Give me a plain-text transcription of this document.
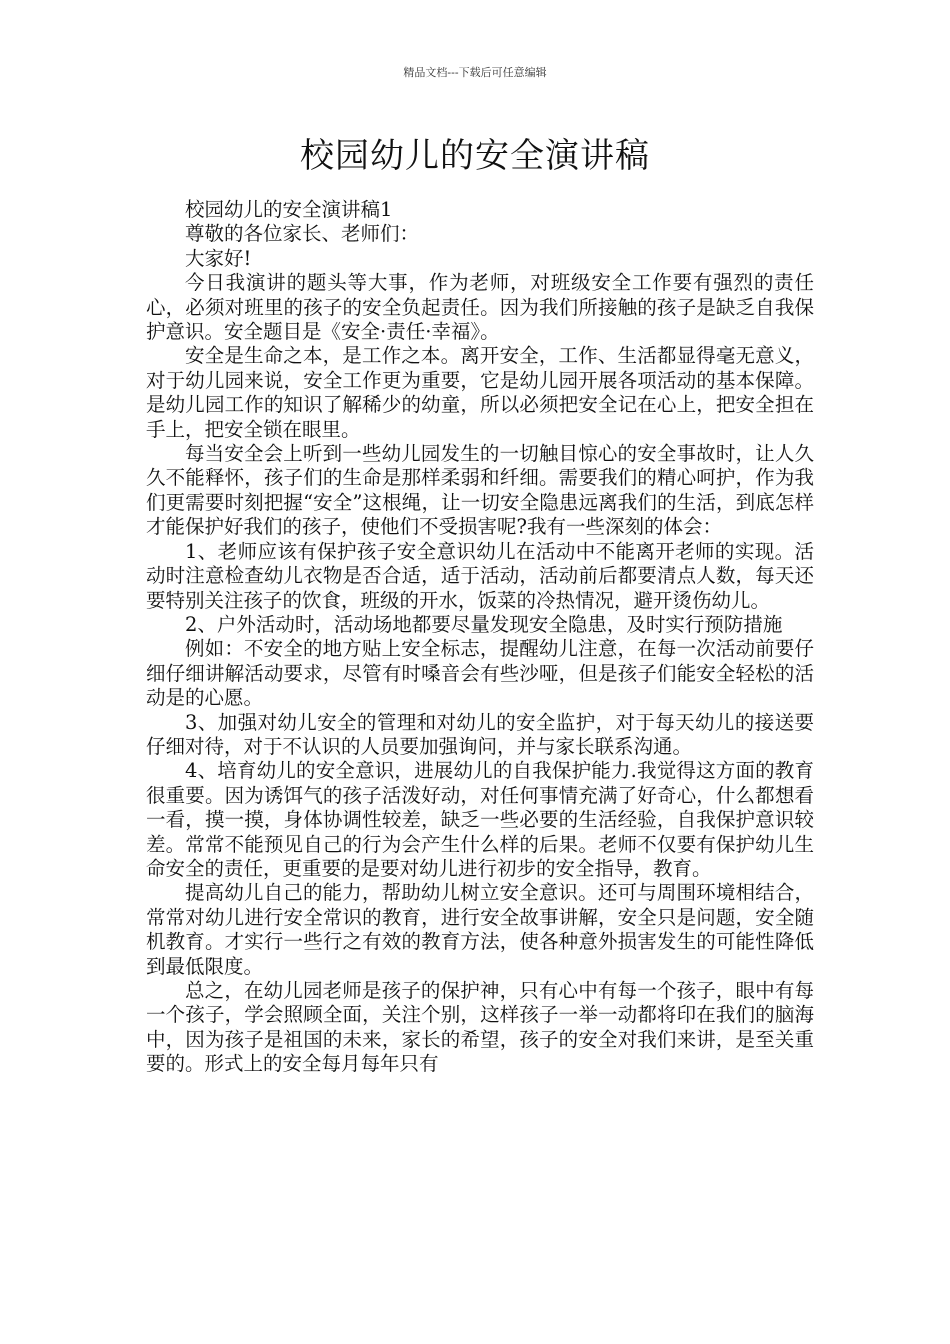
精品文档---下载后可任意编辑
校园幼儿的安全演讲稿

校园幼儿的安全演讲稿1

尊敬的各位家长、老师们：

大家好!

今日我演讲的题头等大事，作为老师，对班级安全工作要有强烈的责任心，必须对班里的孩子的安全负起责任。因为我们所接触的孩子是缺乏自我保护意识。安全题目是《安全·责任·幸福》。

安全是生命之本，是工作之本。离开安全，工作、生活都显得毫无意义，对于幼儿园来说，安全工作更为重要，它是幼儿园开展各项活动的基本保障。是幼儿园工作的知识了解稀少的幼童，所以必须把安全记在心上，把安全担在手上，把安全锁在眼里。

每当安全会上听到一些幼儿园发生的一切触目惊心的安全事故时，让人久久不能释怀，孩子们的生命是那样柔弱和纤细。需要我们的精心呵护，作为我们更需要时刻把握“安全”这根绳，让一切安全隐患远离我们的生活，到底怎样才能保护好我们的孩子，使他们不受损害呢?我有一些深刻的体会：

1、老师应该有保护孩子安全意识幼儿在活动中不能离开老师的实现。活动时注意检查幼儿衣物是否合适，适于活动，活动前后都要清点人数，每天还要特别关注孩子的饮食，班级的开水，饭菜的冷热情况，避开烫伤幼儿。

2、户外活动时，活动场地都要尽量发现安全隐患，及时实行预防措施

例如：不安全的地方贴上安全标志，提醒幼儿注意，在每一次活动前要仔细仔细讲解活动要求，尽管有时嗓音会有些沙哑，但是孩子们能安全轻松的活动是的心愿。

3、加强对幼儿安全的管理和对幼儿的安全监护，对于每天幼儿的接送要仔细对待，对于不认识的人员要加强询问，并与家长联系沟通。

4、培育幼儿的安全意识，进展幼儿的自我保护能力.我觉得这方面的教育很重要。因为诱饵气的孩子活泼好动，对任何事情充满了好奇心，什么都想看一看，摸一摸，身体协调性较差，缺乏一些必要的生活经验，自我保护意识较差。常常不能预见自己的行为会产生什么样的后果。老师不仅要有保护幼儿生命安全的责任，更重要的是要对幼儿进行初步的安全指导，教育。

提高幼儿自己的能力，帮助幼儿树立安全意识。还可与周围环境相结合，常常对幼儿进行安全常识的教育，进行安全故事讲解，安全只是问题，安全随机教育。才实行一些行之有效的教育方法，使各种意外损害发生的可能性降低到最低限度。

总之，在幼儿园老师是孩子的保护神，只有心中有每一个孩子，眼中有每一个孩子，学会照顾全面，关注个别，这样孩子一举一动都将印在我们的脑海中，因为孩子是祖国的未来，家长的希望，孩子的安全对我们来讲，是至关重要的。形式上的安全每月每年只有
